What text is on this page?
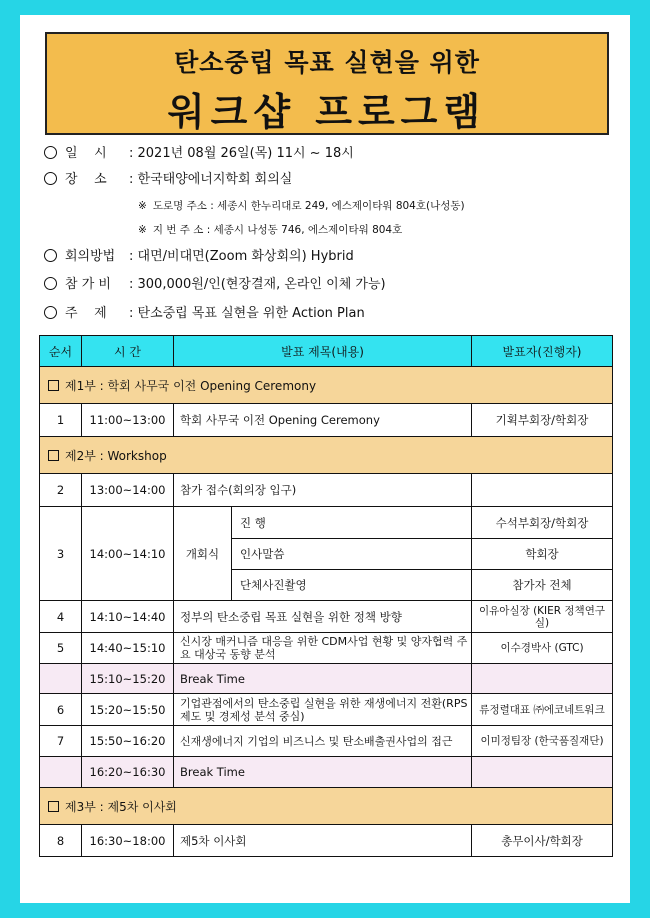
탄소중립 목표 실현을 위한
워크샵 프로그램
일    시 : 2021년 08월 26일(목) 11시 ~ 18시
장    소 : 한국태양에너지학회 회의실
※ 도로명 주소 : 세종시 한누리대로 249, 에스제이타워 804호(나성동)
※ 지 번 주 소 : 세종시 나성동 746, 에스제이타워 804호
회의방법 : 대면/비대면(Zoom 화상회의) Hybrid
참 가 비 : 300,000원/인(현장결재, 온라인 이체 가능)
주    제 : 탄소중립 목표 실현을 위한 Action Plan
순서	시 간	발표 제목(내용)		발표자(진행자)
제1부 : 학회 사무국 이전 Opening Ceremony				
1	11:00~13:00	학회 사무국 이전 Opening Ceremony		기획부회장/학회장
제2부 : Workshop				
2	13:00~14:00	참가 접수(회의장 입구)		
3	14:00~14:10	개회식	진 행	수석부회장/학회장
			인사말씀	학회장
			단체사진촬영	참가자 전체
4	14:10~14:40	정부의 탄소중립 목표 실현을 위한 정책 방향		이유아실장 (KIER 정책연구실)
5	14:40~15:10	신시장 매커니즘 대응을 위한 CDM사업 현황 및 양자협력 주요 대상국 동향 분석		이수경박사 (GTC)
	15:10~15:20	Break Time		
6	15:20~15:50	기업관점에서의 탄소중립 실현을 위한 재생에너지 전환(RPS 제도 및 경제성 분석 중심)		류정렬대표 ㈜에코네트워크
7	15:50~16:20	신재생에너지 기업의 비즈니스 및 탄소배출권사업의 접근		이미정팀장 (한국품질재단)
	16:20~16:30	Break Time		
제3부 : 제5차 이사회				
8	16:30~18:00	제5차 이사회		총무이사/학회장
